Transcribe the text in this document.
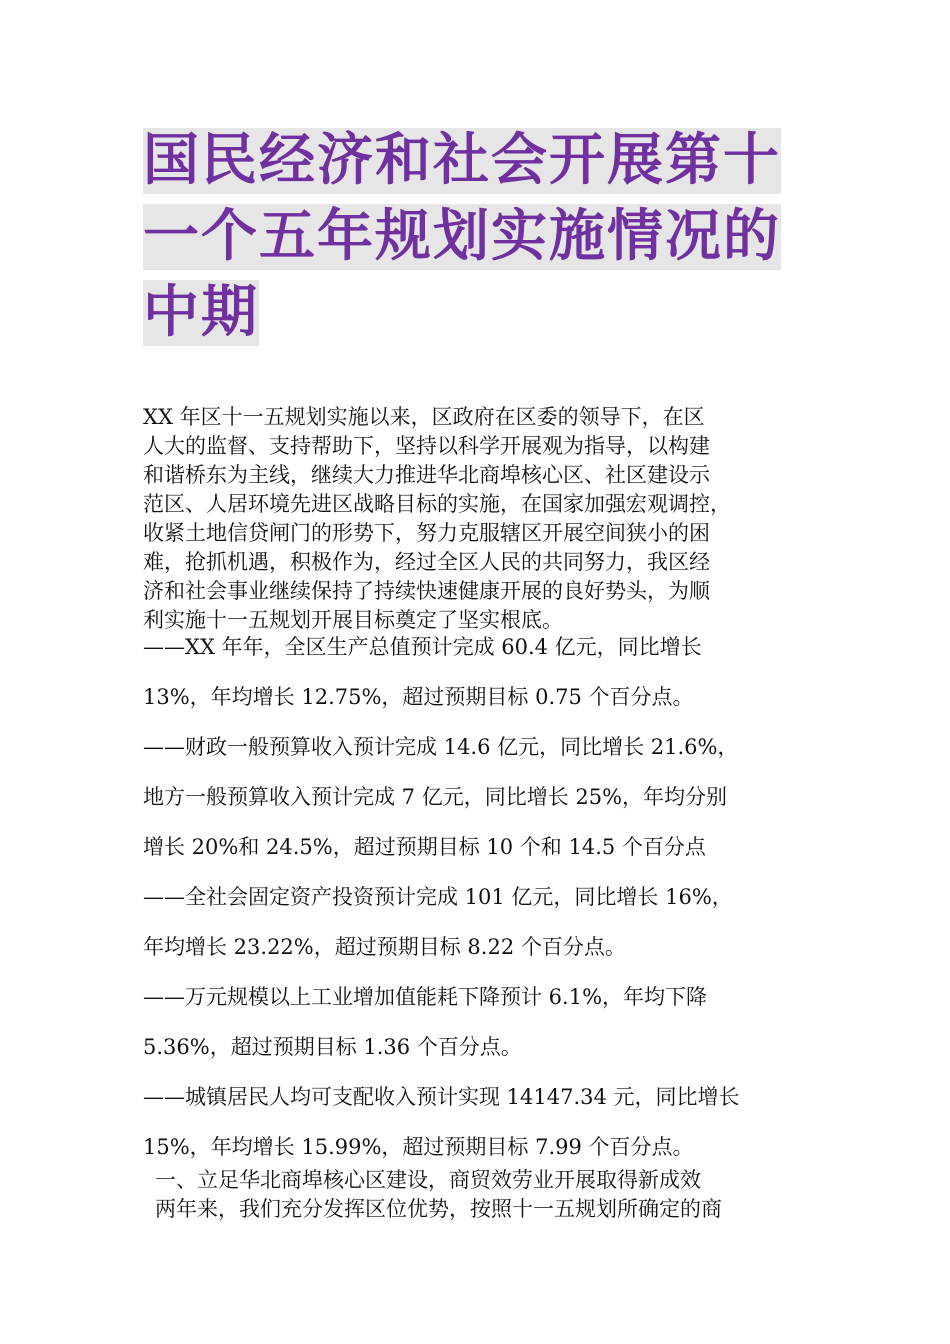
国民经济和社会开展第十
一个五年规划实施情况的
中期
XX 年区十一五规划实施以来，区政府在区委的领导下，在区
人大的监督、支持帮助下，坚持以科学开展观为指导，以构建
和谐桥东为主线，继续大力推进华北商埠核心区、社区建设示
范区、人居环境先进区战略目标的实施，在国家加强宏观调控，
收紧土地信贷闸门的形势下，努力克服辖区开展空间狭小的困
难，抢抓机遇，积极作为，经过全区人民的共同努力，我区经
济和社会事业继续保持了持续快速健康开展的良好势头，为顺
利实施十一五规划开展目标奠定了坚实根底。
——XX 年年，全区生产总值预计完成 60.4 亿元，同比增长
13%，年均增长 12.75%，超过预期目标 0.75 个百分点。
——财政一般预算收入预计完成 14.6 亿元，同比增长 21.6%，
地方一般预算收入预计完成 7 亿元，同比增长 25%，年均分别
增长 20%和 24.5%，超过预期目标 10 个和 14.5 个百分点
——全社会固定资产投资预计完成 101 亿元，同比增长 16%，
年均增长 23.22%，超过预期目标 8.22 个百分点。
——万元规模以上工业增加值能耗下降预计 6.1%，年均下降
5.36%，超过预期目标 1.36 个百分点。
——城镇居民人均可支配收入预计实现 14147.34 元，同比增长
15%，年均增长 15.99%，超过预期目标 7.99 个百分点。
一、立足华北商埠核心区建设，商贸效劳业开展取得新成效
两年来，我们充分发挥区位优势，按照十一五规划所确定的商
